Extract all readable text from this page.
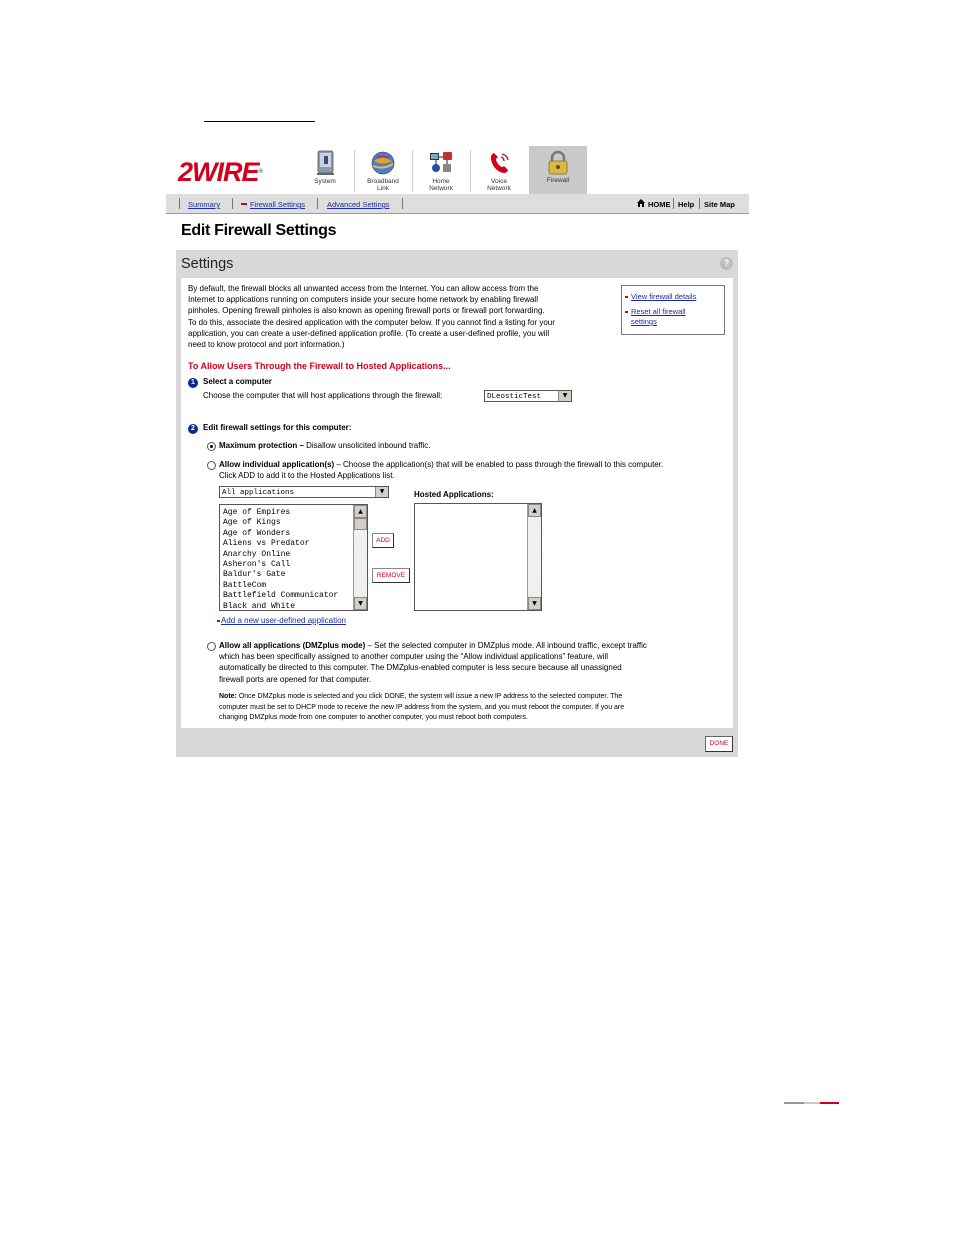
2WIRE®
System	Broadband
Link
Home
Network
Voice
Network
Firewall
Summary	Firewall Settings	Advanced Settings	HOME Help Site Map
Edit Firewall Settings
Settings	?
By default, the firewall blocks all unwanted access from the Internet. You can allow access from the
Internet to applications running on computers inside your secure home network by enabling firewall
pinholes. Opening firewall pinholes is also known as opening firewall ports or firewall port forwarding.
To do this, associate the desired application with the computer below. If you cannot find a listing for your
application, you can create a user-defined application profile. (To create a user-defined profile, you will
need to know protocol and port information.)
View firewall details
Reset all firewall
settings
To Allow Users Through the Firewall to Hosted Applications...
1	Select a computer
Choose the computer that will host applications through the firewall:	DLeosticTest	▼
2	Edit firewall settings for this computer:
Maximum protection – Disallow unsolicited inbound traffic.
Allow individual application(s) – Choose the application(s) that will be enabled to pass through the firewall to this computer.
Click ADD to add it to the Hosted Applications list.
All applications	▼
Age of Empires
Age of Kings
Age of Wonders
Aliens vs Predator
Anarchy Online
Asheron's Call
Baldur's Gate
BattleCom
Battlefield Communicator
Black and White
▲
▼
ADD
REMOVE
Hosted Applications:
▲
▼
Add a new user-defined application
Allow all applications (DMZplus mode) – Set the selected computer in DMZplus mode. All inbound traffic, except traffic
which has been specifically assigned to another computer using the "Allow individual applications" feature, will
automatically be directed to this computer. The DMZplus-enabled computer is less secure because all unassigned
firewall ports are opened for that computer.
Note: Once DMZplus mode is selected and you click DONE, the system will issue a new IP address to the selected computer. The
computer must be set to DHCP mode to receive the new IP address from the system, and you must reboot the computer. If you are
changing DMZplus mode from one computer to another computer, you must reboot both computers.
DONE
